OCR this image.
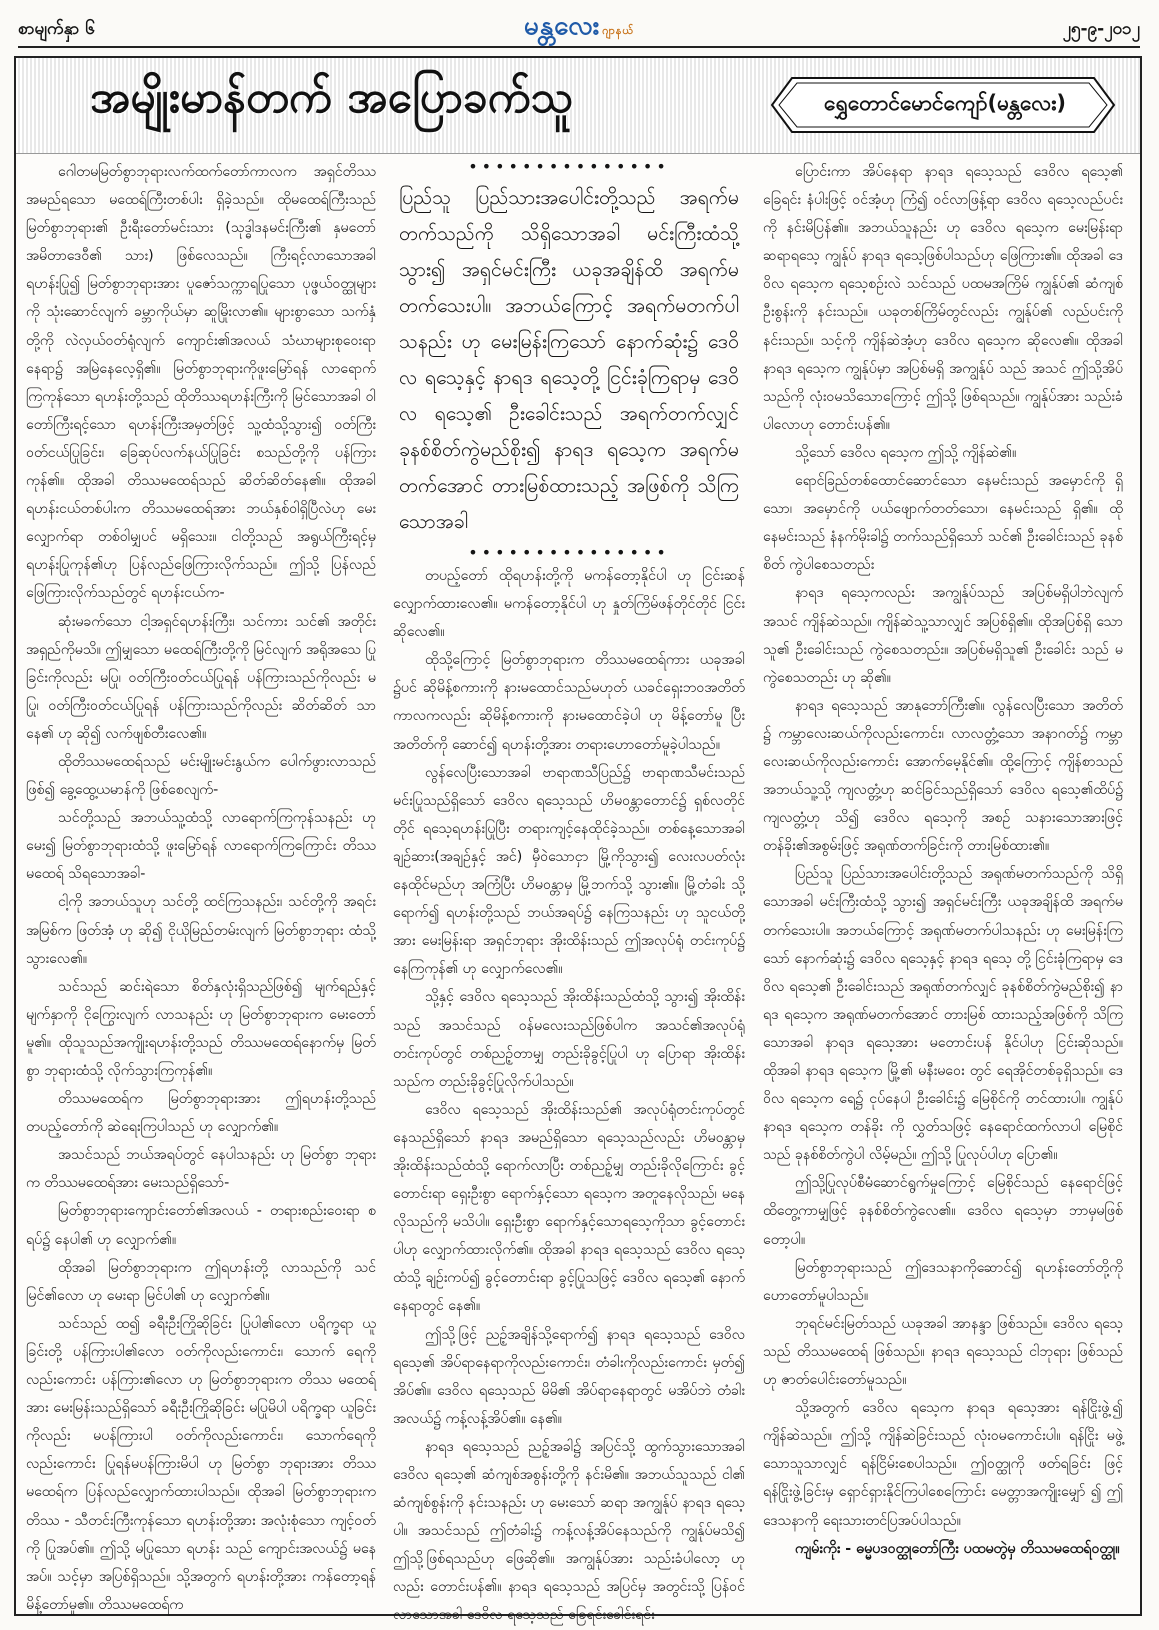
စာမျက်နှာ ၆	မန္တလေး ဂျာနယ်	၂၅-၉-၂၀၁၂
အမျိုးမာန်တက် အပြောခက်သူ	ရွှေတောင်မောင်ကျော်(မန္တလေး)

ဂေါတမမြတ်စွာဘုရားလက်ထက်တော်ကာလက အရှင်တိဿ အမည်ရသော မထေရ်ကြီးတစ်ပါး ရှိခဲ့သည်။ ထိုမထေရ်ကြီးသည် မြတ်စွာဘုရား၏ ဦးရီးတော်မင်းသား (သုဒ္ဓါဒနမင်းကြီး၏ နှမတော် အမိတာဒေဝီ၏ သား) ဖြစ်လေသည်။ ကြီးရင့်လာသောအခါ ရဟန်းပြု၍ မြတ်စွာဘုရားအား ပူဇော်သက္ကာရပြုသော ပုဖ္ဖယ်ဝတ္ထုများကို သုံးဆောင်လျက် ခမ္ဘာကိုယ်မှာ ဆူမြိုးလာ၏။ များစွာသော သက်နှံ တို့ကို လဲလှယ်ဝတ်ရုံလျက် ကျောင်း၏အလယ် သံဃာများစုဝေးရာ နေရာ၌ အမြဲနေလေ့ရှိ၏။ မြတ်စွာဘုရားကိုဖူးမြော်ရန် လာရောက် ကြကုန်သော ရဟန်းတို့သည် ထိုတိဿရဟန်းကြီးကို မြင်သောအခါ ဝါတော်ကြီးရင့်သော ရဟန်းကြီးအမှတ်ဖြင့် သူ့ထံသို့သွား၍ ဝတ်ကြီး ဝတ်ငယ်ပြုခြင်း၊ ခြေဆုပ်လက်နယ်ပြုခြင်း စသည်တို့ကို ပန်ကြား ကုန်၏။ ထိုအခါ တိဿမထေရ်သည် ဆိတ်ဆိတ်နေ၏။ ထိုအခါ ရဟန်းငယ်တစ်ပါးက တိဿမထေရ်အား ဘယ်နှစ်ဝါရှိပြီလဲဟု မေးလျှောက်ရာ တစ်ဝါမျှပင် မရှိသေး။ ငါတို့သည် အရွယ်ကြီးရင့်မှ ရဟန်းပြုကုန်၏ဟု ပြန်လည်ဖြေကြားလိုက်သည်။ ဤသို့ ပြန်လည် ဖြေကြားလိုက်သည်တွင် ရဟန်းငယ်က-

ဆုံးမခက်သော ငါ့အရှင်ရဟန်းကြီး၊ သင်ကား သင်၏ အတိုင်း အရှည်ကိုမသိ။ ဤမျှသော မထေရ်ကြီးတို့ကို မြင်လျက် အရိုအသေ ပြုခြင်းကိုလည်း မပြု၊ ဝတ်ကြီးဝတ်ငယ်ပြုရန် ပန်ကြားသည်ကိုလည်း မပြု၊ ဝတ်ကြီးဝတ်ငယ်ပြုရန် ပန်ကြားသည်ကိုလည်း ဆိတ်ဆိတ် သာနေ၏ ဟု ဆို၍ လက်ဖျစ်တီးလေ၏။

ထိုတိဿမထေရ်သည် မင်းမျိုးမင်းနွယ်က ပေါက်ဖွားလာသည် ဖြစ်၍ ခွေ့ထွေ့ယမာန်ကို ဖြစ်စေလျက်-

သင်တို့သည် အဘယ်သူ့ထံသို့ လာရောက်ကြကုန်သနည်း ဟု မေး၍ မြတ်စွာဘုရားထံသို့ ဖူးမြော်ရန် လာရောက်ကြကြောင်း တိဿမထေရ် သိရသောအခါ-

ငါ့ကို အဘယ်သူဟု သင်တို့ ထင်ကြသနည်း၊ သင်တို့ကို အရင်း အမြစ်က ဖြတ်အံ့ ဟု ဆို၍ ငိုယိုမြည်တမ်းလျက် မြတ်စွာဘုရား ထံသို့ သွားလေ၏။

သင်သည် ဆင်းရဲသော စိတ်နှလုံးရှိသည်ဖြစ်၍ မျက်ရည်နှင့် မျက်နှာကို ငိုကြွေးလျက် လာသနည်း ဟု မြတ်စွာဘုရားက မေးတော်မူ၏။ ထိုသူသည်အကျိုးရဟန်းတို့သည် တိဿမထေရ်နောက်မှ မြတ်စွာ ဘုရားထံသို့ လိုက်သွားကြကုန်၏။

တိဿမထေရ်က မြတ်စွာဘုရားအား ဤရဟန်းတို့သည် တပည့်တော်ကို ဆဲရေးကြပါသည် ဟု လျှောက်၏။

အသင်သည် ဘယ်အရပ်တွင် နေပါသနည်း ဟု မြတ်စွာ ဘုရားက တိဿမထေရ်အား မေးသည်ရှိသော်-

မြတ်စွာဘုရားကျောင်းတော်၏အလယ် - တရားစည်းဝေးရာ စရပ်၌ နေပါ၏ ဟု လျှောက်၏။

ထိုအခါ မြတ်စွာဘုရားက ဤရဟန်းတို့ လာသည်ကို သင်မြင်၏လော ဟု မေးရာ မြင်ပါ၏ ဟု လျှောက်၏။

သင်သည် ထ၍ ခရီးဦးကြိုဆိုခြင်း ပြုပါ၏လော ပရိက္ခရာ ယူခြင်းတို့ ပန်ကြားပါ၏လော ဝတ်ကိုလည်းကောင်း၊ သောက် ရေကိုလည်းကောင်း ပန်ကြား၏လော ဟု မြတ်စွာဘုရားက တိဿ မထေရ်အား မေးမြန်းသည်ရှိသော် ခရီးဦးကြိုဆိုခြင်း မပြုမိပါ ပရိက္ခရာ ယူခြင်းကိုလည်း မပန်ကြားပါ ဝတ်ကိုလည်းကောင်း၊ သောက်ရေကိုလည်းကောင်း ပြုရန်မပန်ကြားမိပါ ဟု မြတ်စွာ ဘုရားအား တိဿမထေရ်က ပြန်လည်လျှောက်ထားပါသည်။ ထိုအခါ မြတ်စွာဘုရားက တိဿ - သီတင်းကြီးကုန်သော ရဟန်းတို့အား အလုံးစုံသော ကျင့်ဝတ်ကို ပြုအပ်၏။ ဤသို့ မပြုသော ရဟန်း သည် ကျောင်းအလယ်၌ မနေအပ်။ သင့်မှာ အပြစ်ရှိသည်။ သို့အတွက် ရဟန်းတို့အား ကန်တော့ရန် မိန့်တော်မူ၏။ တိဿမထေရ်က

•••••••••••••••
ပြည်သူ ပြည်သားအပေါင်းတို့သည် အရက်မတက်သည်ကို သိရှိသောအခါ မင်းကြီးထံသို့ သွား၍ အရှင်မင်းကြီး ယခုအချိန်ထိ အရက်မတက်သေးပါ။ အဘယ်ကြောင့် အရက်မတက်ပါသနည်း ဟု မေးမြန်းကြသော် နောက်ဆုံး၌ ဒေဝိလ ရသေ့နှင့် နာရဒ ရသေ့တို့ ငြင်းခုံကြရာမှ ဒေဝိလ ရသေ့၏ ဦးခေါင်းသည် အရက်တက်လျှင် ခုနစ်စိတ်ကွဲမည်စိုး၍ နာရဒ ရသေ့က အရက်မတက်အောင် တားမြစ်ထားသည့် အဖြစ်ကို သိကြသောအခါ
•••••••••••••••

တပည့်တော် ထိုရဟန်းတို့ကို မကန်တော့နိုင်ပါ ဟု ငြင်းဆန် လျှောက်ထားလေ၏။ မကန်တော့နိုင်ပါ ဟု နှုတ်ကြိမ်ဖန်တိုင်တိုင် ငြင်းဆိုလေ၏။

ထိုသို့ကြောင့် မြတ်စွာဘုရားက တိဿမထေရ်ကား ယခုအခါ ၌ပင် ဆိုမိန့်စကားကို နားမထောင်သည်မဟုတ် ယခင်ရှေးဘဝအတိတ် ကာလကလည်း ဆိုမိန့်စကားကို နားမထောင်ခဲ့ပါ ဟု မိန့်တော်မူ ပြီး အတိတ်ကို ဆောင်၍ ရဟန်းတို့အား တရားဟောတော်မူခဲ့ပါသည်။

လွန်လေပြီးသောအခါ ဗာရာဏသီပြည်၌ ဗာရာဏသီမင်းသည် မင်းပြုသည်ရှိသော် ဒေဝိလ ရသေ့သည် ဟိမဝန္တာတောင်၌ ရှစ်လတိုင်တိုင် ရသေ့ရဟန်းပြုပြီး တရားကျင့်နေထိုင်ခဲ့သည်။ တစ်နေ့သောအခါ ချဉ်ဆား(အချဉ်နှင့် အင်) မှီဝဲသောငှာ မြို့ကိုသွား၍ လေးလပတ်လုံး နေထိုင်မည်ဟု အကြံပြီး ဟိမဝန္တာမှ မြို့ဘက်သို့ သွား၏။ မြို့တံခါး သို့ ရောက်၍ ရဟန်းတို့သည် ဘယ်အရပ်၌ နေကြသနည်း ဟု သူငယ်တို့အား မေးမြန်းရာ အရှင်ဘုရား အိုးထိန်းသည် ဤအလုပ်ရုံ တင်းကုပ်၌ နေကြကုန်၏ ဟု လျှောက်လေ၏။

သို့နှင့် ဒေဝိလ ရသေ့သည် အိုးထိန်းသည်ထံသို့ သွား၍ အိုးထိန်း သည် အသင်သည် ဝန်မလေးသည်ဖြစ်ပါက အသင်၏အလုပ်ရုံ တင်းကုပ်တွင် တစ်ညဥ့်တာမျှ တည်းခိုခွင့်ပြုပါ ဟု ပြောရာ အိုးထိန်း သည်က တည်းခိုခွင့်ပြုလိုက်ပါသည်။

ဒေဝိလ ရသေ့သည် အိုးထိန်းသည်၏ အလုပ်ရုံတင်းကုပ်တွင် နေသည်ရှိသော် နာရဒ အမည်ရှိသော ရသေ့သည်လည်း ဟိမဝန္တာမှ အိုးထိန်းသည်ထံသို့ ရောက်လာပြီး တစ်ညဥ့်မျှ တည်းခိုလိုကြောင်း ခွင့်တောင်းရာ ရှေးဦးစွာ ရောက်နှင့်သော ရသေ့က အတူနေလိုသည်၊ မနေလိုသည်ကို မသိပါ။ ရှေးဦးစွာ ရောက်နှင့်သောရသေ့ကိုသာ ခွင့်တောင်းပါဟု လျှောက်ထားလိုက်၏။ ထိုအခါ နာရဒ ရသေ့သည် ဒေဝိလ ရသေ့ထံသို့ ချဉ်းကပ်၍ ခွင့်တောင်းရာ ခွင့်ပြုသဖြင့် ဒေဝိလ ရသေ့၏ နောက်နေရာတွင် နေ၏။

ဤသို့ဖြင့် ညဥ့်အချိန်သို့ရောက်၍ နာရဒ ရသေ့သည် ဒေဝိလ ရသေ့၏ အိပ်ရာနေရာကိုလည်းကောင်း၊ တံခါးကိုလည်းကောင်း မှတ်၍ အိပ်၏။ ဒေဝိလ ရသေ့သည် မိမိ၏ အိပ်ရာနေရာတွင် မအိပ်ဘဲ တံခါး အလယ်၌ ကန့်လန့်အိပ်၏။ နေ၏။

နာရဒ ရသေ့သည် ညဥ့်အခါ၌ အပြင်သို့ ထွက်သွားသောအခါ ဒေဝိလ ရသေ့၏ ဆံကျစ်အစွန်းတို့ကို နင်းမိ၏။ အဘယ်သူသည် ငါ၏ ဆံကျစ်စွန်းကို နင်းသနည်း ဟု မေးသော် ဆရာ အကျွန်ုပ် နာရဒ ရသေ့ပါ။ အသင်သည် ဤတံခါး၌ ကန့်လန့်အိပ်နေသည်ကို ကျွန်ုပ်မသိ၍ ဤသို့ဖြစ်ရသည်ဟု ဖြေဆို၏။ အကျွန်ုပ်အား သည်းခံပါလော့ ဟုလည်း တောင်းပန်၏။ နာရဒ ရသေ့သည် အပြင်မှ အတွင်းသို့ ပြန်ဝင်လာသောအခါ ဒေဝိလ ရသေ့သည် ခြေရင်းခေါင်းရင်း

ပြောင်းကာ အိပ်နေရာ နာရဒ ရသေ့သည် ဒေဝိလ ရသေ့၏ ခြေရင်း နံပါးဖြင့် ဝင်အံ့ဟု ကြံ၍ ဝင်လာဖြန့်ရာ ဒေဝိလ ရသေ့လည်ပင်းကို နင်းမိပြန်၏။ အဘယ်သူနည်း ဟု ဒေဝိလ ရသေ့က မေးမြန်းရာ ဆရာရသေ့ ကျွန်ုပ် နာရဒ ရသေ့ဖြစ်ပါသည်ဟု ဖြေကြား၏။ ထိုအခါ ဒေဝိလ ရသေ့က ရသေ့စဉ်းလဲ သင်သည် ပထမအကြိမ် ကျွန်ုပ်၏ ဆံကျစ်ဦးစွန်းကို နင်းသည်။ ယခုတစ်ကြိမ်တွင်လည်း ကျွန်ုပ်၏ လည်ပင်းကို နင်းသည်။ သင့်ကို ကျိန်ဆဲအံ့ဟု ဒေဝိလ ရသေ့က ဆိုလေ၏။ ထိုအခါ နာရဒ ရသေ့က ကျွန်ုပ်မှာ အပြစ်မရှိ အကျွန်ုပ် သည် အသင် ဤသို့အိပ်သည်ကို လုံးဝမသိသောကြောင့် ဤသို့ ဖြစ်ရသည်။ ကျွန်ုပ်အား သည်းခံပါလောဟု တောင်းပန်၏။

သို့သော် ဒေဝိလ ရသေ့က ဤသို့ ကျိန်ဆဲ၏။

ရောင်ခြည်တစ်ထောင်ဆောင်သော နေမင်းသည် အမှောင်ကို ရှိသော၊ အမှောင်ကို ပယ်ဖျောက်တတ်သော၊ နေမင်းသည် ရှိ၏။ ထို နေမင်းသည် နံနက်မိုးခါ၌ တက်သည်ရှိသော် သင်၏ ဦးခေါင်းသည် ခုနစ်စိတ် ကွဲပါစေသတည်း

နာရဒ ရသေ့ကလည်း အကျွန်ုပ်သည် အပြစ်မရှိပါဘဲလျက် အသင် ကျိန်ဆဲသည်။ ကျိန်ဆဲသူ့သာလျှင် အပြစ်ရှိ၏။ ထိုအပြစ်ရှိ သော သူ၏ ဦးခေါင်းသည် ကွဲစေသတည်း။ အပြစ်မရှိသူ၏ ဦးခေါင်း သည် မကွဲစေသတည်း ဟု ဆို၏။

နာရဒ ရသေ့သည် အာနုဘော်ကြီး၏။ လွန်လေပြီးသော အတိတ် ၌ ကမ္ဘာလေးဆယ်ကိုလည်းကောင်း၊ လာလတ္တံ့သော အနာဂတ်၌ ကမ္ဘာလေးဆယ်ကိုလည်းကောင်း အောက်မေ့နိုင်၏။ ထို့ကြောင့် ကျိန်စာသည် အဘယ်သူ့သို့ ကျလတ္တံ့ဟု ဆင်ခြင်သည်ရှိသော် ဒေဝိလ ရသေ့၏ထိပ်၌ ကျလတ္တံ့ဟု သိ၍ ဒေဝိလ ရသေ့ကို အစဉ် သနားသောအားဖြင့် တန်ခိုး၏အစွမ်းဖြင့် အရုဏ်တက်ခြင်းကို တားမြစ်ထား၏။

ပြည်သူ ပြည်သားအပေါင်းတို့သည် အရုဏ်မတက်သည်ကို သိရှိ သောအခါ မင်းကြီးထံသို့ သွား၍ အရှင်မင်းကြီး ယခုအချိန်ထိ အရက်မတက်သေးပါ။ အဘယ်ကြောင့် အရုဏ်မတက်ပါသနည်း ဟု မေးမြန်းကြသော် နောက်ဆုံး၌ ဒေဝိလ ရသေ့နှင့် နာရဒ ရသေ့ တို့ ငြင်းခုံကြရာမှ ဒေဝိလ ရသေ့၏ ဦးခေါင်းသည် အရုဏ်တက်လျှင် ခုနစ်စိတ်ကွဲမည်စိုး၍ နာရဒ ရသေ့က အရုဏ်မတက်အောင် တားမြစ် ထားသည့်အဖြစ်ကို သိကြသောအခါ နာရဒ ရသေ့အား မတောင်းပန် နိုင်ပါဟု ငြင်းဆိုသည်။ ထိုအခါ နာရဒ ရသေ့က မြို့၏ မနီးမဝေး တွင် ရေအိုင်တစ်ခုရှိသည်။ ဒေဝိလ ရသေ့က ရေ၌ ငုပ်နေပါ ဦးခေါင်း၌ မြေစိုင်ကို တင်ထားပါ။ ကျွန်ုပ် နာရဒ ရသေ့က တန်ခိုး ကို လွှတ်သဖြင့် နေရောင်ထက်လာပါ မြေစိုင်သည် ခုနစ်စိတ်ကွဲပါ လိမ့်မည်။ ဤသို့ ပြုလုပ်ပါဟု ပြော၏။

ဤသို့ပြုလုပ်စီမံဆောင်ရွက်မှုကြောင့် မြေစိုင်သည် နေရောင်ဖြင့် ထိတွေ့ကာမျှဖြင့် ခုနစ်စိတ်ကွဲလေ၏။ ဒေဝိလ ရသေ့မှာ ဘာမှမဖြစ် တော့ပါ။

မြတ်စွာဘုရားသည် ဤဒေသနာကိုဆောင်၍ ရဟန်းတော်တို့ကို ဟောတော်မူပါသည်။

ဘုရင်မင်းမြတ်သည် ယခုအခါ အာနန္ဒာ ဖြစ်သည်။ ဒေဝိလ ရသေ့သည် တိဿမထေရ် ဖြစ်သည်။ နာရဒ ရသေ့သည် ငါဘုရား ဖြစ်သည်ဟု ဇာတ်ပေါင်းတော်မူသည်။

သို့အတွက် ဒေဝိလ ရသေ့က နာရဒ ရသေ့အား ရန်ငြိုးဖွဲ့၍ ကျိန်ဆဲသည်။ ဤသို့ ကျိန်ဆဲခြင်းသည် လုံးဝမကောင်းပါ။ ရန်ငြိုး မဖွဲ့သောသူသာလျှင် ရန်ငြိမ်းစေပါသည်။ ဤဝတ္ထုကို ဖတ်ရခြင်း ဖြင့် ရန်ငြိုးဖွဲ့ခြင်းမှ ရှောင်ရှားနိုင်ကြပါစေကြောင်း မေတ္တာအကျိုးမျှော် ၍ ဤဒေသနာကို ရေးသားတင်ပြအပ်ပါသည်။

ကျမ်းကိုး - ဓမ္မပဒဝတ္ထုတော်ကြီး ပထမတွဲမှ တိဿမထေရ်ဝတ္ထု။
